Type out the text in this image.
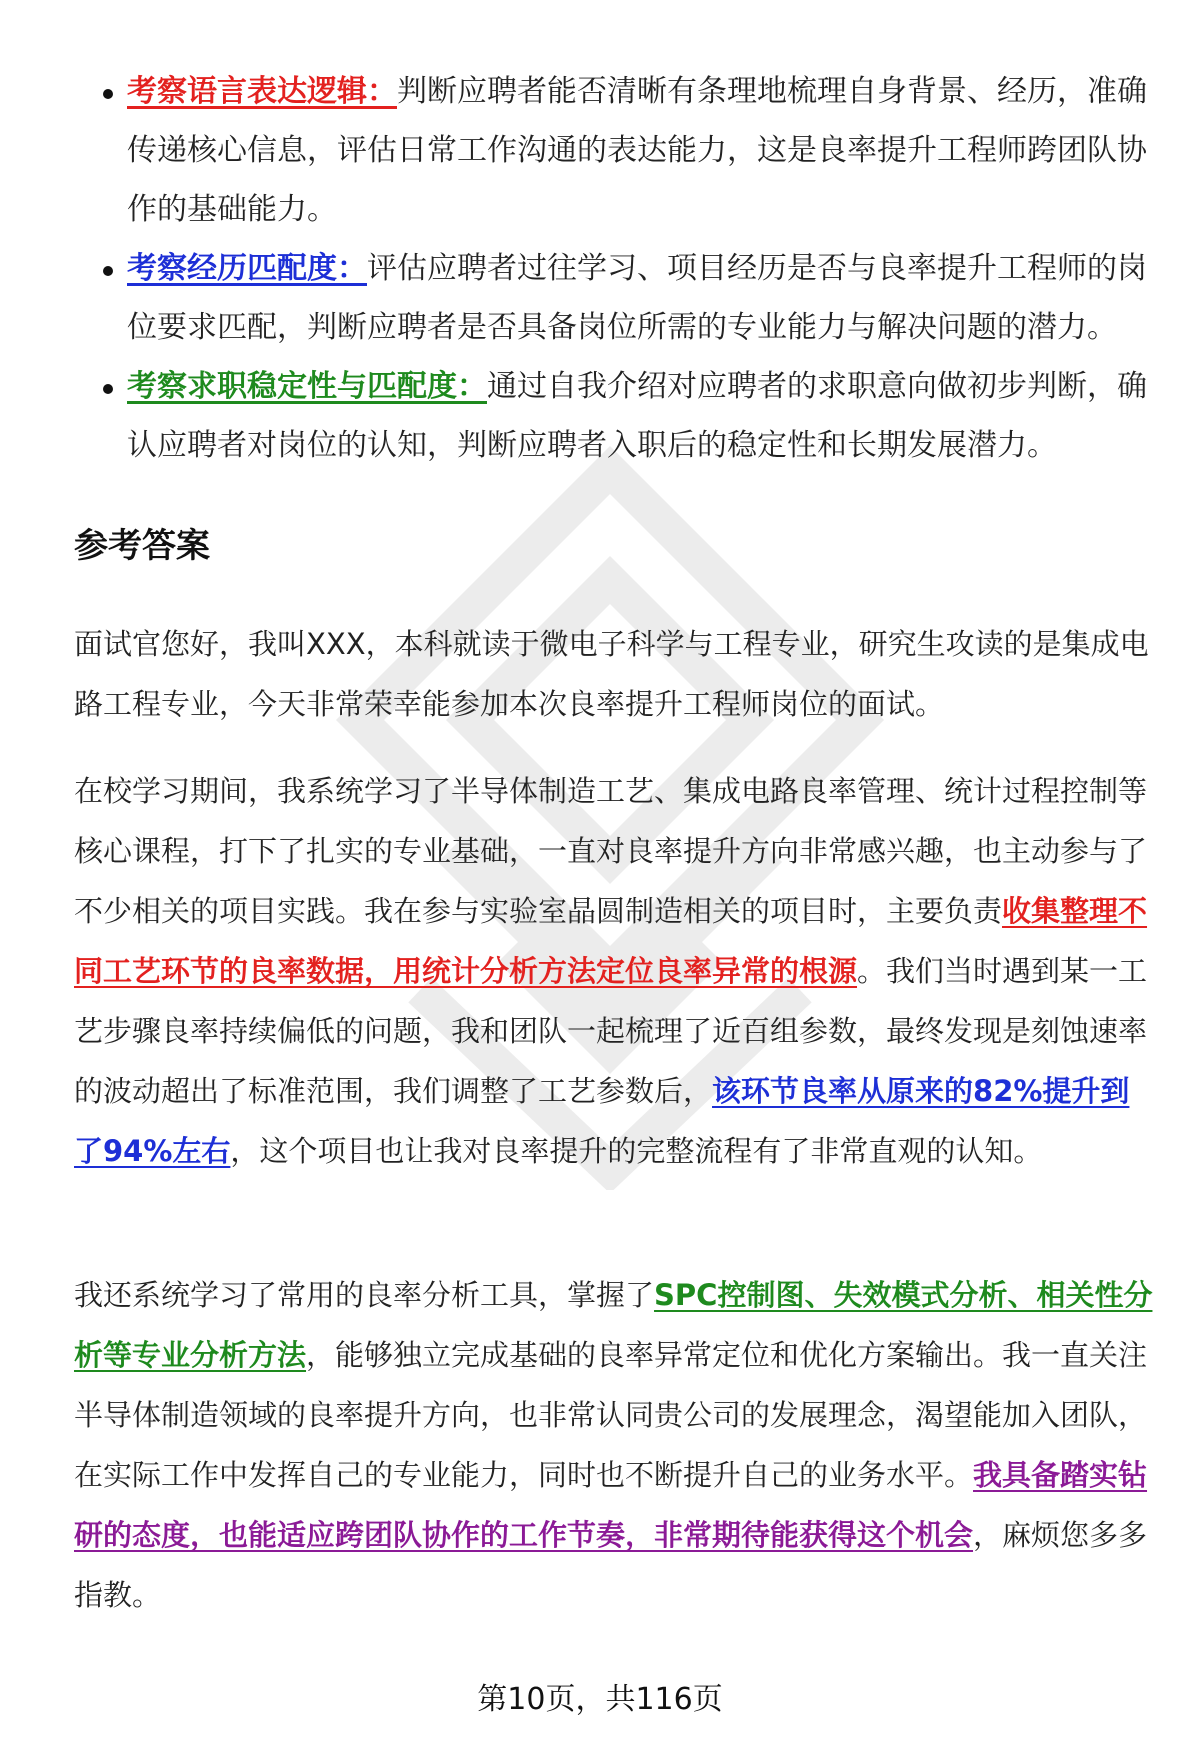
考察语言表达逻辑：判断应聘者能否清晰有条理地梳理自身背景、经历，准确传递核心信息，评估日常工作沟通的表达能力，这是良率提升工程师跨团队协作的基础能力。
考察经历匹配度：评估应聘者过往学习、项目经历是否与良率提升工程师的岗位要求匹配，判断应聘者是否具备岗位所需的专业能力与解决问题的潜力。
考察求职稳定性与匹配度：通过自我介绍对应聘者的求职意向做初步判断，确认应聘者对岗位的认知，判断应聘者入职后的稳定性和长期发展潜力。
参考答案

面试官您好，我叫XXX，本科就读于微电子科学与工程专业，研究生攻读的是集成电路工程专业，今天非常荣幸能参加本次良率提升工程师岗位的面试。

在校学习期间，我系统学习了半导体制造工艺、集成电路良率管理、统计过程控制等核心课程，打下了扎实的专业基础，一直对良率提升方向非常感兴趣，也主动参与了不少相关的项目实践。我在参与实验室晶圆制造相关的项目时，主要负责收集整理不同工艺环节的良率数据，用统计分析方法定位良率异常的根源。我们当时遇到某一工艺步骤良率持续偏低的问题，我和团队一起梳理了近百组参数，最终发现是刻蚀速率的波动超出了标准范围，我们调整了工艺参数后，该环节良率从原来的82%提升到了94%左右，这个项目也让我对良率提升的完整流程有了非常直观的认知。

我还系统学习了常用的良率分析工具，掌握了SPC控制图、失效模式分析、相关性分析等专业分析方法，能够独立完成基础的良率异常定位和优化方案输出。我一直关注半导体制造领域的良率提升方向，也非常认同贵公司的发展理念，渴望能加入团队，在实际工作中发挥自己的专业能力，同时也不断提升自己的业务水平。我具备踏实钻研的态度，也能适应跨团队协作的工作节奏，非常期待能获得这个机会，麻烦您多多指教。

第10页，共116页
